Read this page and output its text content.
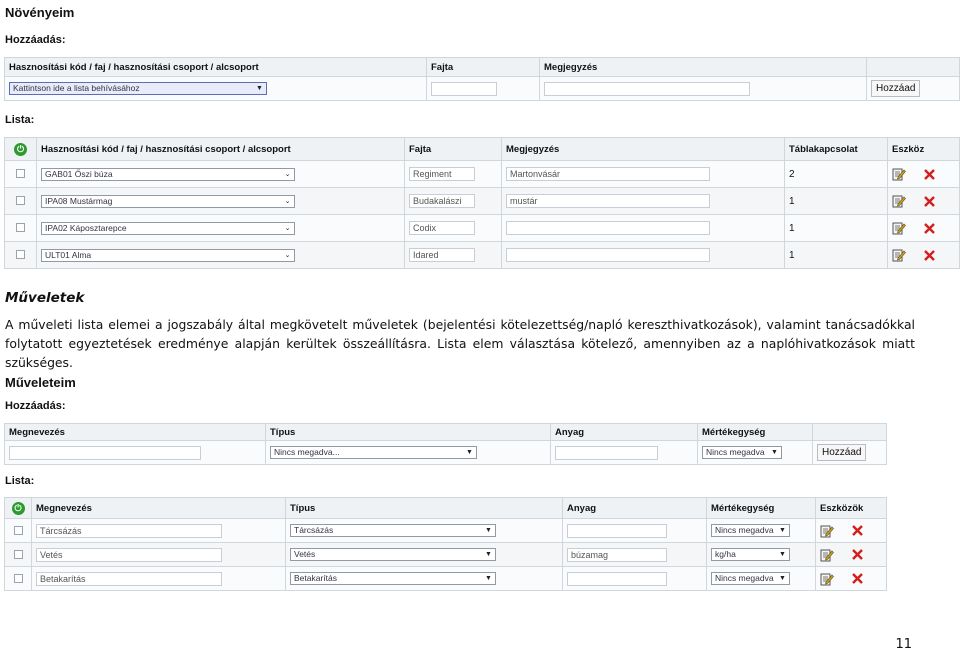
Növényeim
Hozzáadás:
Hasznosítási kód / faj / hasznosítási csoport / alcsoport	Fajta	Megjegyzés	
Kattintson ide a lista behívásához ▼			Hozzáad
Lista:
⏻	Hasznosítási kód / faj / hasznosítási csoport / alcsoport	Fajta	Megjegyzés	Táblakapcsolat	Eszköz
	GAB01 Őszi búza ⌄	Regiment	Martonvásár	2	
	IPA08 Mustármag ⌄	Budakalászi	mustár	1	
	IPA02 Káposztarepce ⌄	Codix		1	
	ULT01 Alma ⌄	Idared		1	
Műveletek
A műveleti lista elemei a jogszabály által megkövetelt műveletek (bejelentési kötelezettség/napló kereszthivatkozások), valamint tanácsadókkal folytatott egyeztetések eredménye alapján kerültek összeállításra. Lista elem választása kötelező, amennyiben az a naplóhivatkozások miatt szükséges.
Műveleteim
Hozzáadás:
Megnevezés	Típus	Anyag	Mértékegység	
	Nincs megadva... ▼		Nincs megadva ▼	Hozzáad
Lista:
⏻	Megnevezés	Típus	Anyag	Mértékegység	Eszközök
	Tárcsázás	Tárcsázás ▼		Nincs megadva ▼

	Vetés	Vetés ▼	búzamag	kg/ha ▼

	Betakarítás	Betakarítás ▼		Nincs megadva ▼

11
